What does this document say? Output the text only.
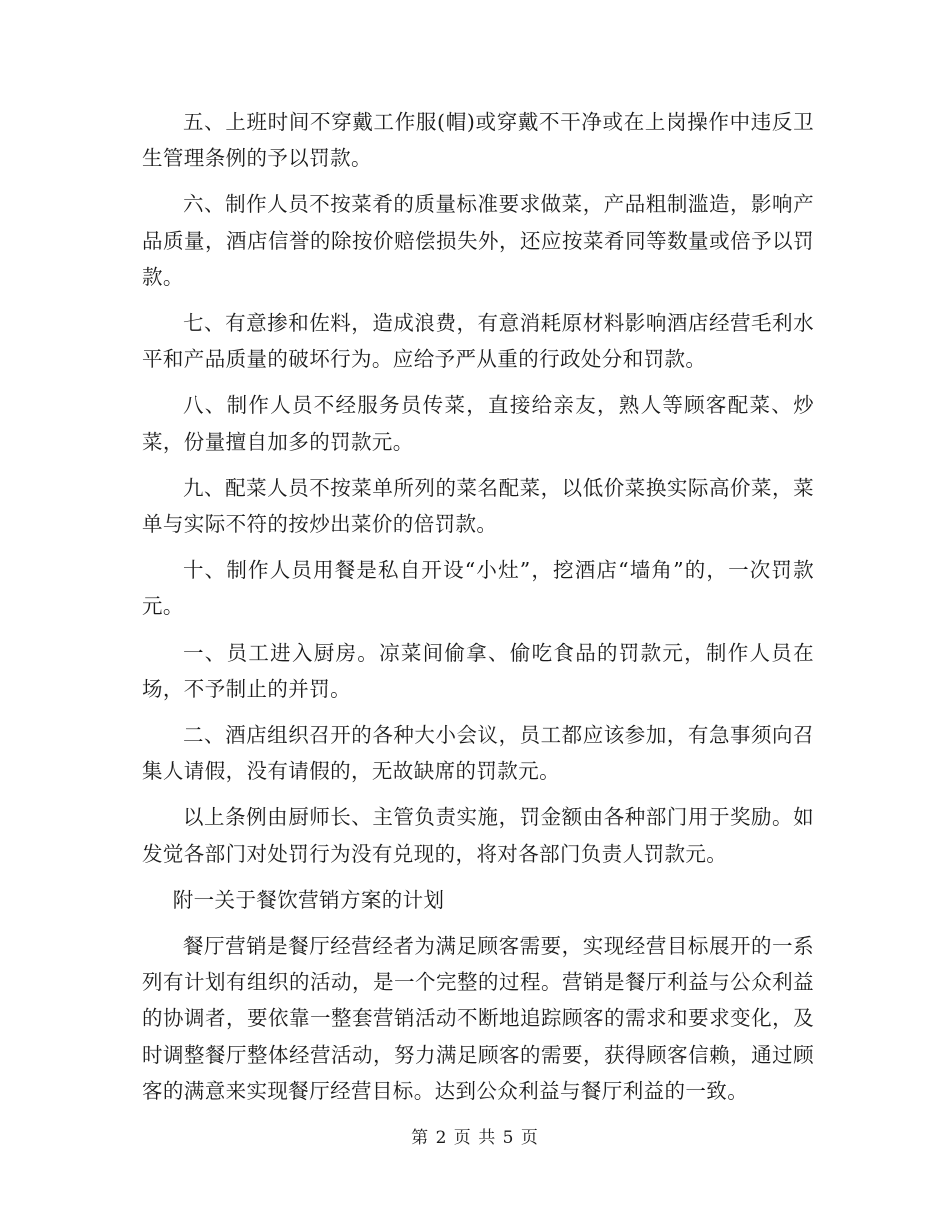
五、上班时间不穿戴工作服(帽)或穿戴不干净或在上岗操作中违反卫生管理条例的予以罚款。

六、制作人员不按菜肴的质量标准要求做菜，产品粗制滥造，影响产品质量，酒店信誉的除按价赔偿损失外，还应按菜肴同等数量或倍予以罚款。

七、有意掺和佐料，造成浪费，有意消耗原材料影响酒店经营毛利水平和产品质量的破坏行为。应给予严从重的行政处分和罚款。

八、制作人员不经服务员传菜，直接给亲友，熟人等顾客配菜、炒菜，份量擅自加多的罚款元。

九、配菜人员不按菜单所列的菜名配菜，以低价菜换实际高价菜，菜单与实际不符的按炒出菜价的倍罚款。

十、制作人员用餐是私自开设“小灶”，挖酒店“墙角”的，一次罚款元。

一、员工进入厨房。凉菜间偷拿、偷吃食品的罚款元，制作人员在场，不予制止的并罚。

二、酒店组织召开的各种大小会议，员工都应该参加，有急事须向召集人请假，没有请假的，无故缺席的罚款元。

以上条例由厨师长、主管负责实施，罚金额由各种部门用于奖励。如发觉各部门对处罚行为没有兑现的，将对各部门负责人罚款元。

附一关于餐饮营销方案的计划

餐厅营销是餐厅经营经者为满足顾客需要，实现经营目标展开的一系列有计划有组织的活动，是一个完整的过程。营销是餐厅利益与公众利益的协调者，要依靠一整套营销活动不断地追踪顾客的需求和要求变化，及时调整餐厅整体经营活动，努力满足顾客的需要，获得顾客信赖，通过顾客的满意来实现餐厅经营目标。达到公众利益与餐厅利益的一致。

第 2 页 共 5 页
